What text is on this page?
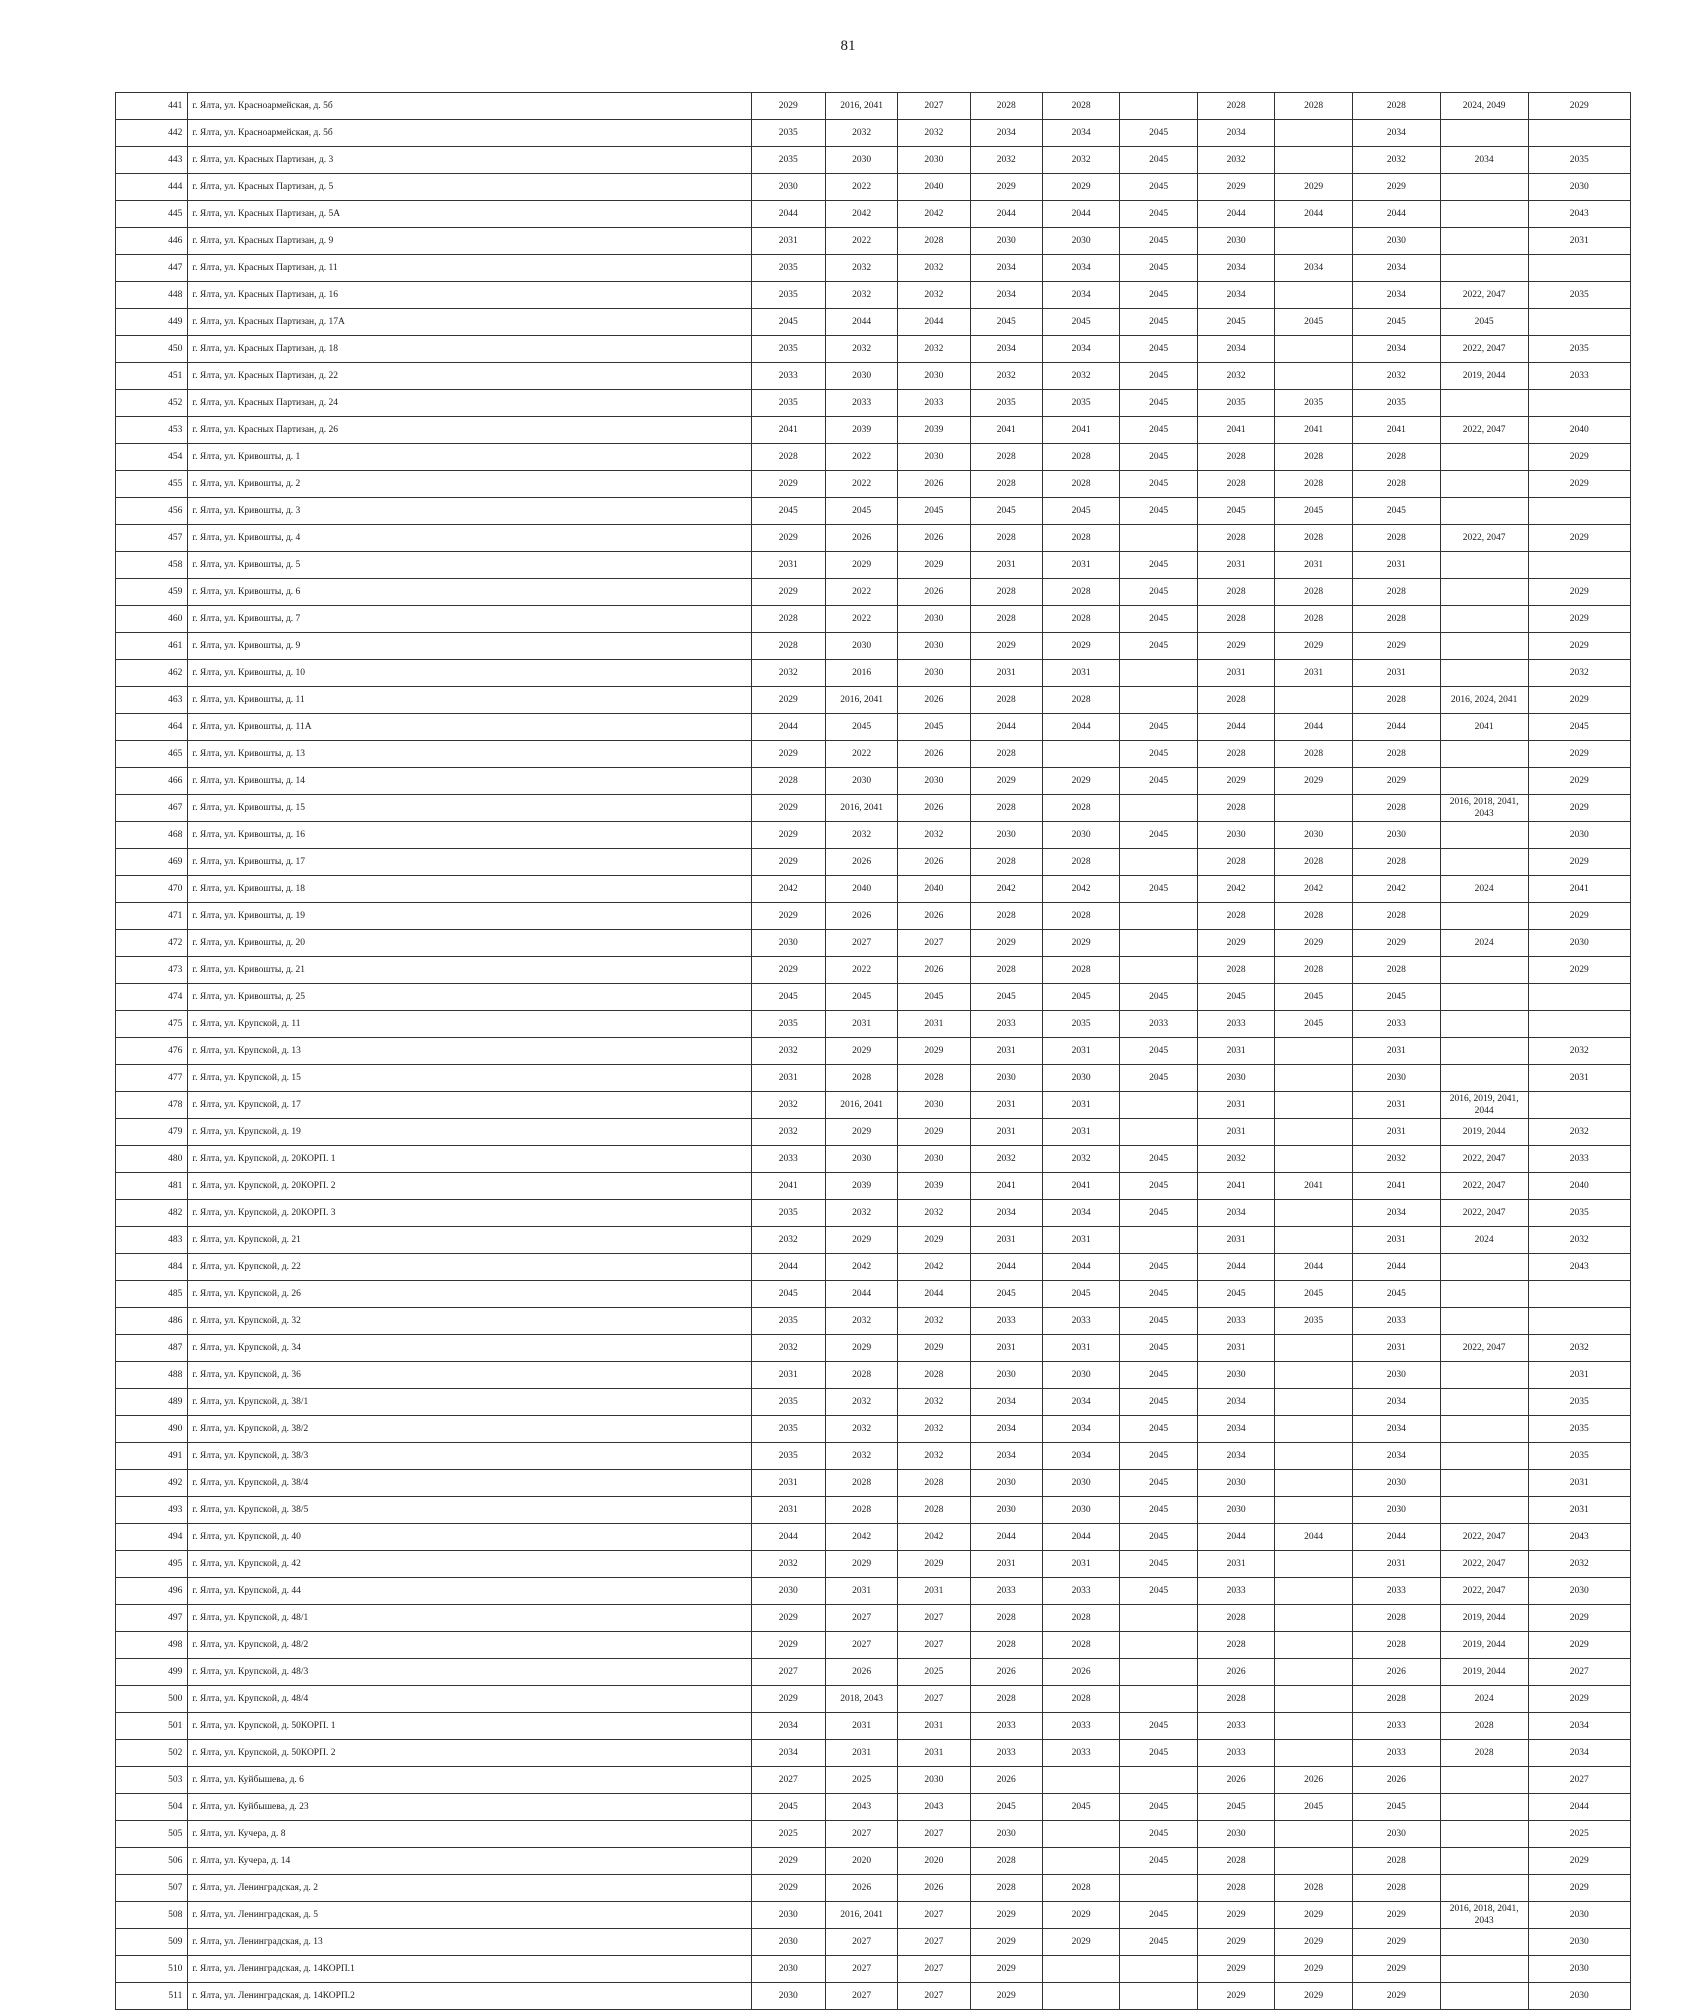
81
441	г. Ялта, ул. Красноармейская, д. 5б	2029	2016, 2041	2027	2028	2028		2028	2028	2028	2024, 2049	2029
442	г. Ялта, ул. Красноармейская, д. 5б	2035	2032	2032	2034	2034	2045	2034		2034		
443	г. Ялта, ул. Красных Партизан, д. 3	2035	2030	2030	2032	2032	2045	2032		2032	2034	2035
444	г. Ялта, ул. Красных Партизан, д. 5	2030	2022	2040	2029	2029	2045	2029	2029	2029		2030
445	г. Ялта, ул. Красных Партизан, д. 5А	2044	2042	2042	2044	2044	2045	2044	2044	2044		2043
446	г. Ялта, ул. Красных Партизан, д. 9	2031	2022	2028	2030	2030	2045	2030		2030		2031
447	г. Ялта, ул. Красных Партизан, д. 11	2035	2032	2032	2034	2034	2045	2034	2034	2034		
448	г. Ялта, ул. Красных Партизан, д. 16	2035	2032	2032	2034	2034	2045	2034		2034	2022, 2047	2035
449	г. Ялта, ул. Красных Партизан, д. 17А	2045	2044	2044	2045	2045	2045	2045	2045	2045	2045	
450	г. Ялта, ул. Красных Партизан, д. 18	2035	2032	2032	2034	2034	2045	2034		2034	2022, 2047	2035
451	г. Ялта, ул. Красных Партизан, д. 22	2033	2030	2030	2032	2032	2045	2032		2032	2019, 2044	2033
452	г. Ялта, ул. Красных Партизан, д. 24	2035	2033	2033	2035	2035	2045	2035	2035	2035		
453	г. Ялта, ул. Красных Партизан, д. 26	2041	2039	2039	2041	2041	2045	2041	2041	2041	2022, 2047	2040
454	г. Ялта, ул. Кривошты, д. 1	2028	2022	2030	2028	2028	2045	2028	2028	2028		2029
455	г. Ялта, ул. Кривошты, д. 2	2029	2022	2026	2028	2028	2045	2028	2028	2028		2029
456	г. Ялта, ул. Кривошты, д. 3	2045	2045	2045	2045	2045	2045	2045	2045	2045		
457	г. Ялта, ул. Кривошты, д. 4	2029	2026	2026	2028	2028		2028	2028	2028	2022, 2047	2029
458	г. Ялта, ул. Кривошты, д. 5	2031	2029	2029	2031	2031	2045	2031	2031	2031		
459	г. Ялта, ул. Кривошты, д. 6	2029	2022	2026	2028	2028	2045	2028	2028	2028		2029
460	г. Ялта, ул. Кривошты, д. 7	2028	2022	2030	2028	2028	2045	2028	2028	2028		2029
461	г. Ялта, ул. Кривошты, д. 9	2028	2030	2030	2029	2029	2045	2029	2029	2029		2029
462	г. Ялта, ул. Кривошты, д. 10	2032	2016	2030	2031	2031		2031	2031	2031		2032
463	г. Ялта, ул. Кривошты, д. 11	2029	2016, 2041	2026	2028	2028		2028		2028	2016, 2024, 2041	2029
464	г. Ялта, ул. Кривошты, д. 11А	2044	2045	2045	2044	2044	2045	2044	2044	2044	2041	2045
465	г. Ялта, ул. Кривошты, д. 13	2029	2022	2026	2028		2045	2028	2028	2028		2029
466	г. Ялта, ул. Кривошты, д. 14	2028	2030	2030	2029	2029	2045	2029	2029	2029		2029
467	г. Ялта, ул. Кривошты, д. 15	2029	2016, 2041	2026	2028	2028		2028		2028	2016, 2018, 2041, 2043	2029
468	г. Ялта, ул. Кривошты, д. 16	2029	2032	2032	2030	2030	2045	2030	2030	2030		2030
469	г. Ялта, ул. Кривошты, д. 17	2029	2026	2026	2028	2028		2028	2028	2028		2029
470	г. Ялта, ул. Кривошты, д. 18	2042	2040	2040	2042	2042	2045	2042	2042	2042	2024	2041
471	г. Ялта, ул. Кривошты, д. 19	2029	2026	2026	2028	2028		2028	2028	2028		2029
472	г. Ялта, ул. Кривошты, д. 20	2030	2027	2027	2029	2029		2029	2029	2029	2024	2030
473	г. Ялта, ул. Кривошты, д. 21	2029	2022	2026	2028	2028		2028	2028	2028		2029
474	г. Ялта, ул. Кривошты, д. 25	2045	2045	2045	2045	2045	2045	2045	2045	2045		
475	г. Ялта, ул. Крупской, д. 11	2035	2031	2031	2033	2035	2033	2033	2045	2033		
476	г. Ялта, ул. Крупской, д. 13	2032	2029	2029	2031	2031	2045	2031		2031		2032
477	г. Ялта, ул. Крупской, д. 15	2031	2028	2028	2030	2030	2045	2030		2030		2031
478	г. Ялта, ул. Крупской, д. 17	2032	2016, 2041	2030	2031	2031		2031		2031	2016, 2019, 2041, 2044	
479	г. Ялта, ул. Крупской, д. 19	2032	2029	2029	2031	2031		2031		2031	2019, 2044	2032
480	г. Ялта, ул. Крупской, д. 20КОРП. 1	2033	2030	2030	2032	2032	2045	2032		2032	2022, 2047	2033
481	г. Ялта, ул. Крупской, д. 20КОРП. 2	2041	2039	2039	2041	2041	2045	2041	2041	2041	2022, 2047	2040
482	г. Ялта, ул. Крупской, д. 20КОРП. 3	2035	2032	2032	2034	2034	2045	2034		2034	2022, 2047	2035
483	г. Ялта, ул. Крупской, д. 21	2032	2029	2029	2031	2031		2031		2031	2024	2032
484	г. Ялта, ул. Крупской, д. 22	2044	2042	2042	2044	2044	2045	2044	2044	2044		2043
485	г. Ялта, ул. Крупской, д. 26	2045	2044	2044	2045	2045	2045	2045	2045	2045		
486	г. Ялта, ул. Крупской, д. 32	2035	2032	2032	2033	2033	2045	2033	2035	2033		
487	г. Ялта, ул. Крупской, д. 34	2032	2029	2029	2031	2031	2045	2031		2031	2022, 2047	2032
488	г. Ялта, ул. Крупской, д. 36	2031	2028	2028	2030	2030	2045	2030		2030		2031
489	г. Ялта, ул. Крупской, д. 38/1	2035	2032	2032	2034	2034	2045	2034		2034		2035
490	г. Ялта, ул. Крупской, д. 38/2	2035	2032	2032	2034	2034	2045	2034		2034		2035
491	г. Ялта, ул. Крупской, д. 38/3	2035	2032	2032	2034	2034	2045	2034		2034		2035
492	г. Ялта, ул. Крупской, д. 38/4	2031	2028	2028	2030	2030	2045	2030		2030		2031
493	г. Ялта, ул. Крупской, д. 38/5	2031	2028	2028	2030	2030	2045	2030		2030		2031
494	г. Ялта, ул. Крупской, д. 40	2044	2042	2042	2044	2044	2045	2044	2044	2044	2022, 2047	2043
495	г. Ялта, ул. Крупской, д. 42	2032	2029	2029	2031	2031	2045	2031		2031	2022, 2047	2032
496	г. Ялта, ул. Крупской, д. 44	2030	2031	2031	2033	2033	2045	2033		2033	2022, 2047	2030
497	г. Ялта, ул. Крупской, д. 48/1	2029	2027	2027	2028	2028		2028		2028	2019, 2044	2029
498	г. Ялта, ул. Крупской, д. 48/2	2029	2027	2027	2028	2028		2028		2028	2019, 2044	2029
499	г. Ялта, ул. Крупской, д. 48/3	2027	2026	2025	2026	2026		2026		2026	2019, 2044	2027
500	г. Ялта, ул. Крупской, д. 48/4	2029	2018, 2043	2027	2028	2028		2028		2028	2024	2029
501	г. Ялта, ул. Крупской, д. 50КОРП. 1	2034	2031	2031	2033	2033	2045	2033		2033	2028	2034
502	г. Ялта, ул. Крупской, д. 50КОРП. 2	2034	2031	2031	2033	2033	2045	2033		2033	2028	2034
503	г. Ялта, ул. Куйбышева, д. 6	2027	2025	2030	2026			2026	2026	2026		2027
504	г. Ялта, ул. Куйбышева, д. 23	2045	2043	2043	2045	2045	2045	2045	2045	2045		2044
505	г. Ялта, ул. Кучера, д. 8	2025	2027	2027	2030		2045	2030		2030		2025
506	г. Ялта, ул. Кучера, д. 14	2029	2020	2020	2028		2045	2028		2028		2029
507	г. Ялта, ул. Ленинградская, д. 2	2029	2026	2026	2028	2028		2028	2028	2028		2029
508	г. Ялта, ул. Ленинградская, д. 5	2030	2016, 2041	2027	2029	2029	2045	2029	2029	2029	2016, 2018, 2041, 2043	2030
509	г. Ялта, ул. Ленинградская, д. 13	2030	2027	2027	2029	2029	2045	2029	2029	2029		2030
510	г. Ялта, ул. Ленинградская, д. 14КОРП.1	2030	2027	2027	2029			2029	2029	2029		2030
511	г. Ялта, ул. Ленинградская, д. 14КОРП.2	2030	2027	2027	2029			2029	2029	2029		2030
